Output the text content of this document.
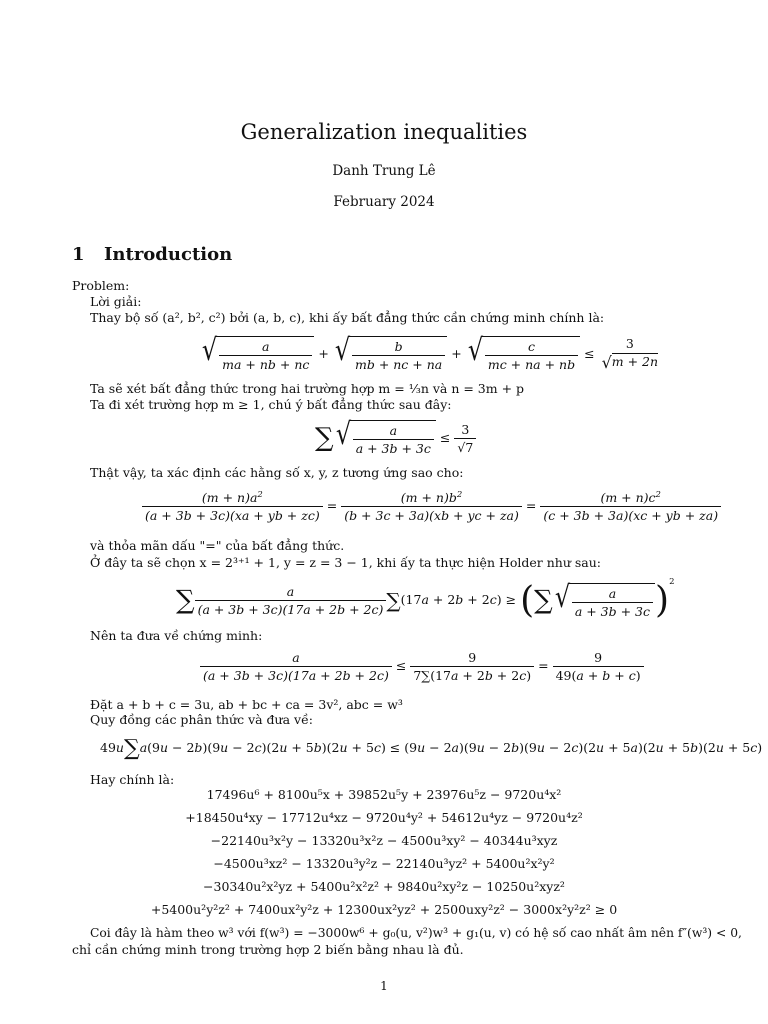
Generalization inequalities
Danh Trung Lê
February 2024
1 Introduction
Problem:
Lời giải:
Thay bộ số (a², b², c²) bởi (a, b, c), khi ấy bất đẳng thức cần chứng minh chính là:
√ $\frac{a}{ma + nb + nc}$ + √ $\frac{b}{mb + nc + na}$ + √ $\frac{c}{mc + na + nb}$ ≤
3
√ m + 2n
Ta sẽ xét bất đẳng thức trong hai trường hợp m = ⅓n và n = 3m + p
Ta đi xét trường hợp m ≥ 1, chú ý bất đẳng thức sau đây:
∑ √ $\frac{a}{a + 3b + 3c} \le \frac{3}{√7}$
Thật vậy, ta xác định các hằng số x, y, z tương ứng sao cho:
$\frac{(m + n)a^2}{(a + 3b + 3c)(xa + yb + zc)} = \frac{(m + n)b^2}{(b + 3c + 3a)(xb + yc + za)} = \frac{(m + n)c^2}{(c + 3b + 3a)(xc + yb + za)}$
và thỏa mãn dấu "=" của bất đẳng thức.
Ở đây ta sẽ chọn x = 2³⁺¹ + 1, y = z = 3 − 1, khi ấy ta thực hiện Holder như sau:
∑ $\frac{a}{(a + 3b + 3c)(17a + 2b + 2c)} \sum(17a + 2b + 2c)$ ≥ (∑ √ $\frac{a}{a + 3b + 3c} )^2$
Nên ta đưa về chứng minh:
$\frac{a}{(a + 3b + 3c)(17a + 2b + 2c)} \le \frac{9}{7\sum(17a + 2b + 2c)} = \frac{9}{49(a + b + c)}$
Đặt a + b + c = 3u, ab + bc + ca = 3v², abc = w³
Quy đồng các phân thức và đưa về:
49u∑a(9u − 2b)(9u − 2c)(2u + 5b)(2u + 5c) ≤ (9u − 2a)(9u − 2b)(9u − 2c)(2u + 5a)(2u + 5b)(2u + 5c)
Hay chính là:
17496u⁶ + 8100u⁵x + 39852u⁵y + 23976u⁵z − 9720u⁴x²
+18450u⁴xy − 17712u⁴xz − 9720u⁴y² + 54612u⁴yz − 9720u⁴z²
−22140u³x²y − 13320u³x²z − 4500u³xy² − 40344u³xyz
−4500u³xz² − 13320u³y²z − 22140u³yz² + 5400u²x²y²
−30340u²x²yz + 5400u²x²z² + 9840u²xy²z − 10250u²xyz²
+5400u²y²z² + 7400ux²y²z + 12300ux²yz² + 2500uxy²z² − 3000x²y²z² ≥ 0
Coi đây là hàm theo w³ với f(w³) = −3000w⁶ + g₀(u, v²)w³ + g₁(u, v) có hệ số cao nhất âm nên f″(w³) < 0,
chỉ cần chứng minh trong trường hợp 2 biến bằng nhau là đủ.
1
